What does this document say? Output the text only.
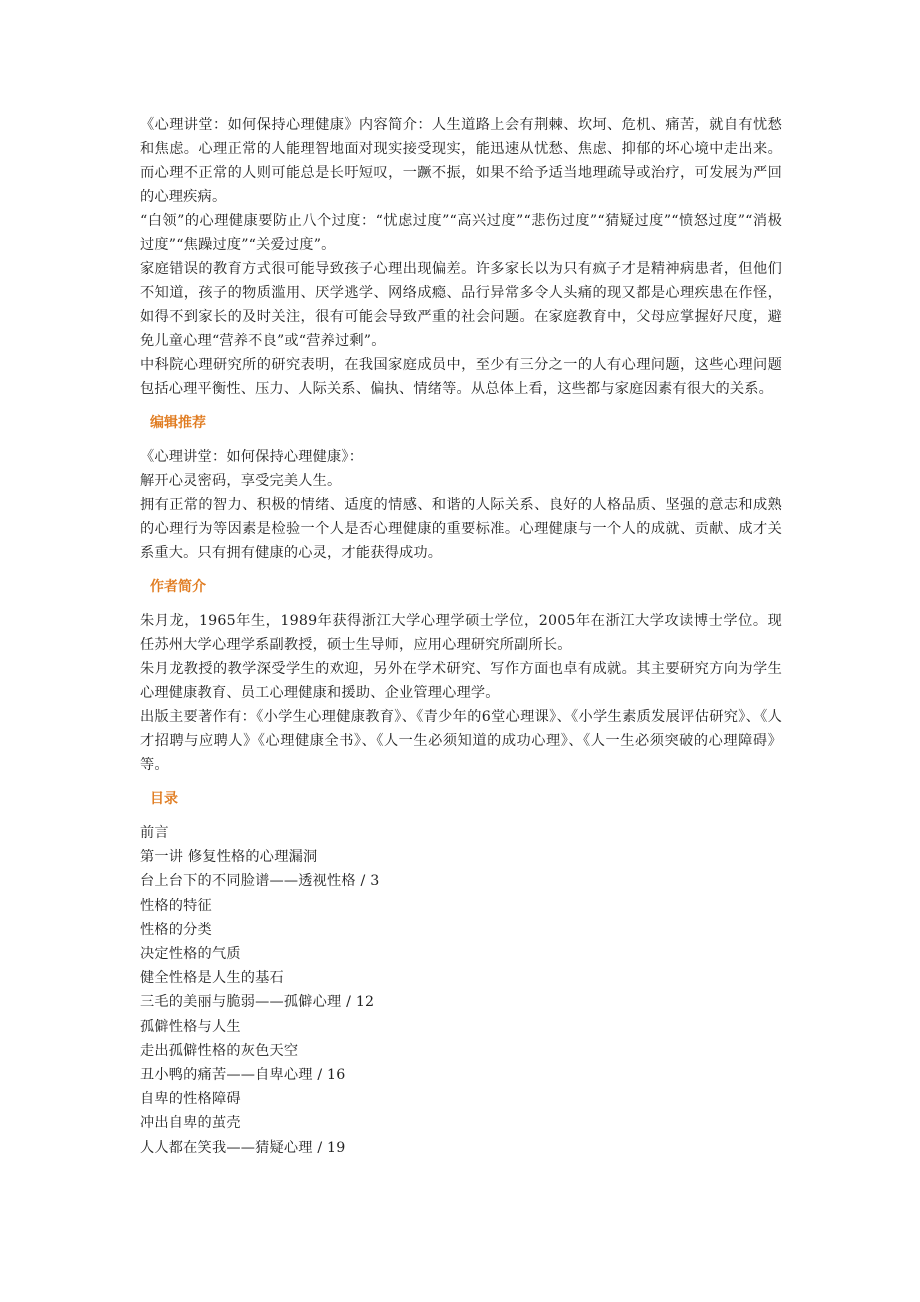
《心理讲堂：如何保持心理健康》内容简介：人生道路上会有荆棘、坎坷、危机、痛苦，就自有忧愁和焦虑。心理正常的人能理智地面对现实接受现实，能迅速从忧愁、焦虑、抑郁的坏心境中走出来。而心理不正常的人则可能总是长吁短叹，一蹶不振，如果不给予适当地理疏导或治疗，可发展为严回的心理疾病。

“白领”的心理健康要防止八个过度：“忧虑过度”“高兴过度”“悲伤过度”“猜疑过度”“愤怒过度”“消极过度”“焦躁过度”“关爱过度”。

家庭错误的教育方式很可能导致孩子心理出现偏差。许多家长以为只有疯子才是精神病患者，但他们不知道，孩子的物质滥用、厌学逃学、网络成瘾、品行异常多令人头痛的现又都是心理疾患在作怪，如得不到家长的及时关注，很有可能会导致严重的社会问题。在家庭教育中，父母应掌握好尺度，避免儿童心理“营养不良”或“营养过剩”。

中科院心理研究所的研究表明，在我国家庭成员中，至少有三分之一的人有心理问题，这些心理问题包括心理平衡性、压力、人际关系、偏执、情绪等。从总体上看，这些都与家庭因素有很大的关系。

编辑推荐

《心理讲堂：如何保持心理健康》：

解开心灵密码，享受完美人生。

拥有正常的智力、积极的情绪、适度的情感、和谐的人际关系、良好的人格品质、坚强的意志和成熟的心理行为等因素是检验一个人是否心理健康的重要标准。心理健康与一个人的成就、贡献、成才关系重大。只有拥有健康的心灵，才能获得成功。

作者简介

朱月龙，1965年生，1989年获得浙江大学心理学硕士学位，2005年在浙江大学攻读博士学位。现任苏州大学心理学系副教授，硕士生导师，应用心理研究所副所长。

朱月龙教授的教学深受学生的欢迎，另外在学术研究、写作方面也卓有成就。其主要研究方向为学生心理健康教育、员工心理健康和援助、企业管理心理学。

出版主要著作有：《小学生心理健康教育》、《青少年的6堂心理课》、《小学生素质发展评估研究》、《人才招聘与应聘人》《心理健康全书》、《人一生必须知道的成功心理》、《人一生必须突破的心理障碍》等。

目录
前言
第一讲 修复性格的心理漏洞
台上台下的不同脸谱——透视性格 / 3
性格的特征
性格的分类
决定性格的气质
健全性格是人生的基石
三毛的美丽与脆弱——孤僻心理 / 12
孤僻性格与人生
走出孤僻性格的灰色天空
丑小鸭的痛苦——自卑心理 / 16
自卑的性格障碍
冲出自卑的茧壳
人人都在笑我——猜疑心理 / 19
